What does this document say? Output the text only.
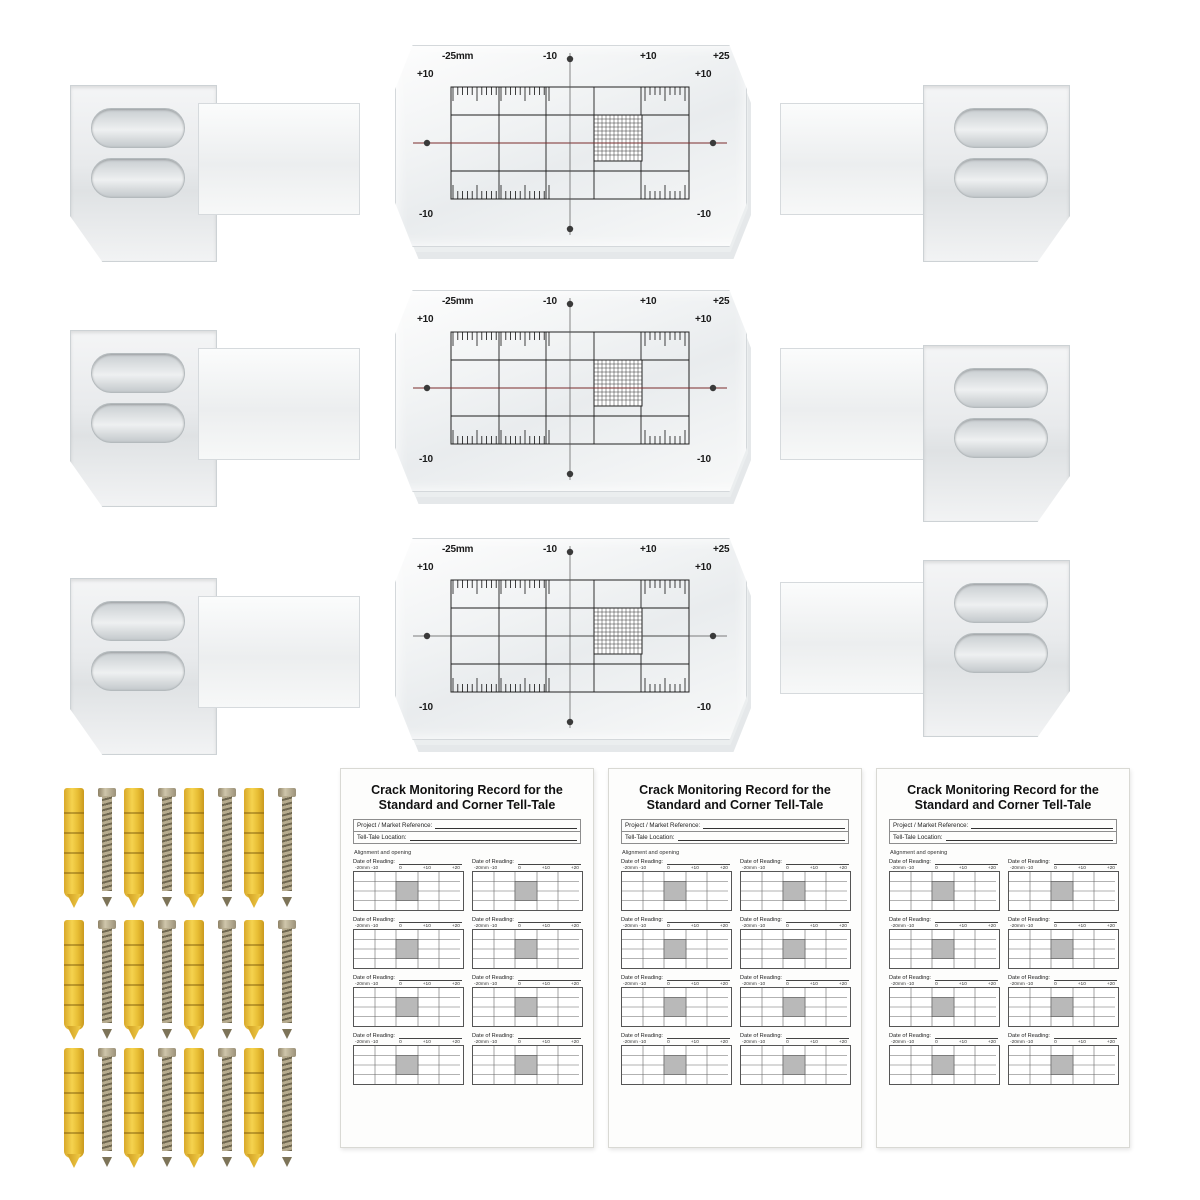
-25mm	-10	+10	+25
+10
-10
+10
-10
-25mm	-10	+10	+25
+10
-10
+10
-10
-25mm	-10	+10	+25
+10
-10
+10
-10
Crack Monitoring Record for the
Standard and Corner Tell-Tale
Project / Market Reference:
Tell-Tale Location:
Alignment and opening
Date of Reading:
-20mm -10	0	+10	+20
Date of Reading:
-20mm -10	0	+10	+20
Date of Reading:
-20mm -10	0	+10	+20
Date of Reading:
-20mm -10	0	+10	+20
Date of Reading:
-20mm -10	0	+10	+20
Date of Reading:
-20mm -10	0	+10	+20
Date of Reading:
-20mm -10	0	+10	+20
Date of Reading:
-20mm -10	0	+10	+20
Crack Monitoring Record for the
Standard and Corner Tell-Tale
Project / Market Reference:
Tell-Tale Location:
Alignment and opening
Date of Reading:
-20mm -10	0	+10	+20
Date of Reading:
-20mm -10	0	+10	+20
Date of Reading:
-20mm -10	0	+10	+20
Date of Reading:
-20mm -10	0	+10	+20
Date of Reading:
-20mm -10	0	+10	+20
Date of Reading:
-20mm -10	0	+10	+20
Date of Reading:
-20mm -10	0	+10	+20
Date of Reading:
-20mm -10	0	+10	+20
Crack Monitoring Record for the
Standard and Corner Tell-Tale
Project / Market Reference:
Tell-Tale Location:
Alignment and opening
Date of Reading:
-20mm -10	0	+10	+20
Date of Reading:
-20mm -10	0	+10	+20
Date of Reading:
-20mm -10	0	+10	+20
Date of Reading:
-20mm -10	0	+10	+20
Date of Reading:
-20mm -10	0	+10	+20
Date of Reading:
-20mm -10	0	+10	+20
Date of Reading:
-20mm -10	0	+10	+20
Date of Reading:
-20mm -10	0	+10	+20
